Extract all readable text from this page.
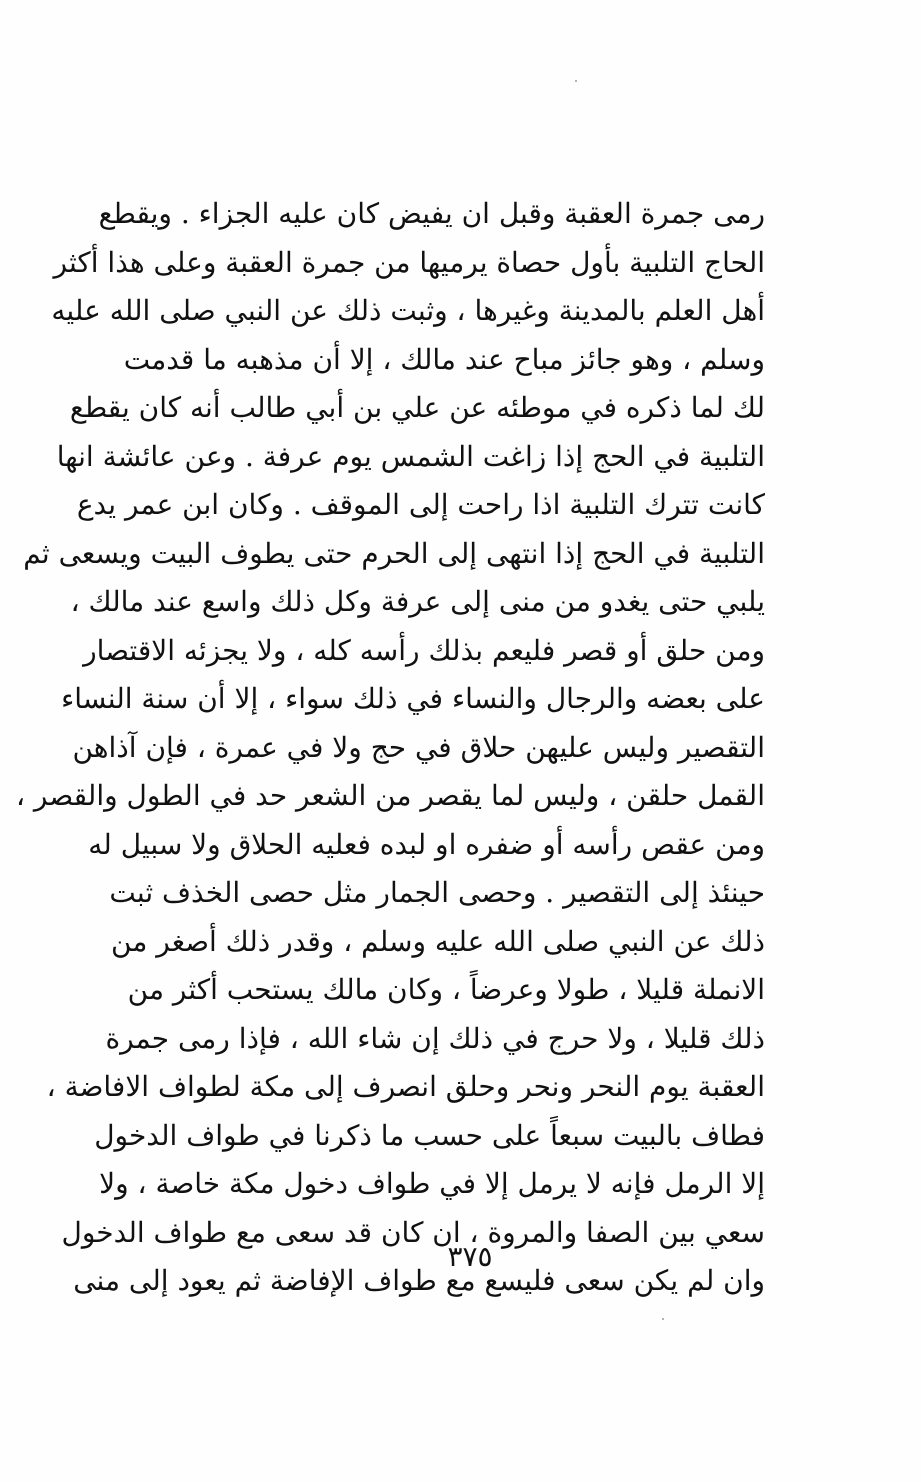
رمى جمرة العقبة وقبل ان يفيض كان عليه الجزاء . ويقطع
الحاج التلبية بأول حصاة يرميها من جمرة العقبة وعلى هذا أكثر
أهل العلم بالمدينة وغيرها ، وثبت ذلك عن النبي صلى الله عليه
وسلم ، وهو جائز مباح عند مالك ، إلا أن مذهبه ما قدمت
لك لما ذكره في موطئه عن علي بن أبي طالب أنه كان يقطع
التلبية في الحج إذا زاغت الشمس يوم عرفة . وعن عائشة انها
كانت تترك التلبية اذا راحت إلى الموقف . وكان ابن عمر يدع
التلبية في الحج إذا انتهى إلى الحرم حتى يطوف البيت ويسعى ثم
يلبي حتى يغدو من منى إلى عرفة وكل ذلك واسع عند مالك ،
ومن حلق أو قصر فليعم بذلك رأسه كله ، ولا يجزئه الاقتصار
على بعضه والرجال والنساء في ذلك سواء ، إلا أن سنة النساء
التقصير وليس عليهن حلاق في حج ولا في عمرة ، فإن آذاهن
القمل حلقن ، وليس لما يقصر من الشعر حد في الطول والقصر ،
ومن عقص رأسه أو ضفره او لبده فعليه الحلاق ولا سبيل له
حينئذ إلى التقصير . وحصى الجمار مثل حصى الخذف ثبت
ذلك عن النبي صلى الله عليه وسلم ، وقدر ذلك أصغر من
الانملة قليلا ، طولا وعرضاً ، وكان مالك يستحب أكثر من
ذلك قليلا ، ولا حرج في ذلك إن شاء الله ، فإذا رمى جمرة
العقبة يوم النحر ونحر وحلق انصرف إلى مكة لطواف الافاضة ،
فطاف بالبيت سبعاً على حسب ما ذكرنا في طواف الدخول
إلا الرمل فإنه لا يرمل إلا في طواف دخول مكة خاصة ، ولا
سعي بين الصفا والمروة ، ان كان قد سعى مع طواف الدخول
وان لم يكن سعى فليسع مع طواف الإفاضة ثم يعود إلى منى
٣٧٥
